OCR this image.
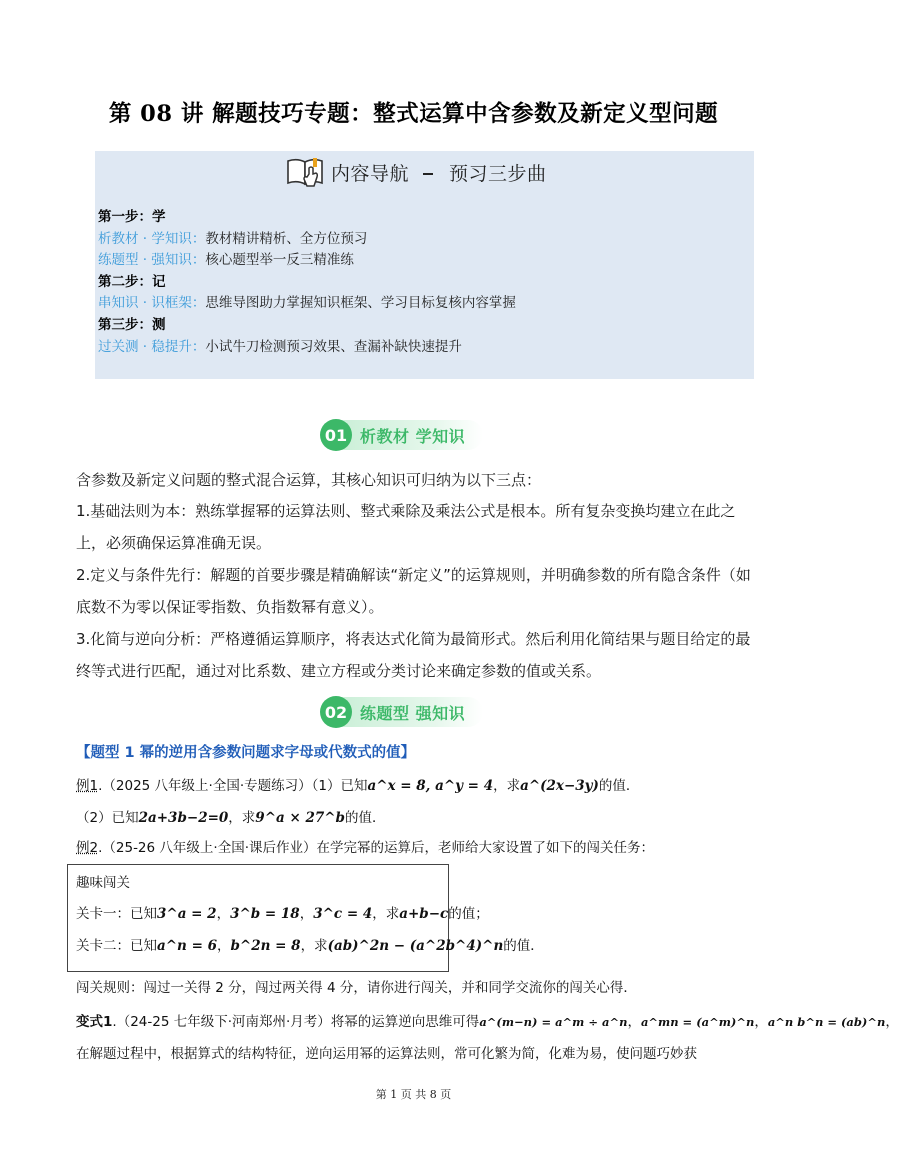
第 08 讲 解题技巧专题：整式运算中含参数及新定义型问题
内容导航 预习三步曲
第一步：学
析教材 · 学知识：教材精讲精析、全方位预习
练题型 · 强知识：核心题型举一反三精准练
第二步：记
串知识 · 识框架：思维导图助力掌握知识框架、学习目标复核内容掌握
第三步：测
过关测 · 稳提升：小试牛刀检测预习效果、查漏补缺快速提升
01 析教材 学知识
含参数及新定义问题的整式混合运算，其核心知识可归纳为以下三点：
1.基础法则为本：熟练掌握幂的运算法则、整式乘除及乘法公式是根本。所有复杂变换均建立在此之上，必须确保运算准确无误。
2.定义与条件先行：解题的首要步骤是精确解读“新定义”的运算规则，并明确参数的所有隐含条件（如底数不为零以保证零指数、负指数幂有意义）。
3.化简与逆向分析：严格遵循运算顺序，将表达式化简为最简形式。然后利用化简结果与题目给定的最终等式进行匹配，通过对比系数、建立方程或分类讨论来确定参数的值或关系。
02 练题型 强知识
【题型 1 幂的逆用含参数问题求字母或代数式的值】
例1.（2025 八年级上·全国·专题练习）（1）已知a^x = 8, a^y = 4，求a^(2x−3y)的值．
（2）已知2a+3b−2=0，求9^a × 27^b的值．
例2.（25-26 八年级上·全国·课后作业）在学完幂的运算后，老师给大家设置了如下的闯关任务：
趣味闯关
关卡一：已知3^a = 2，3^b = 18，3^c = 4，求a+b−c的值；
关卡二：已知a^n = 6，b^2n = 8，求(ab)^2n − (a^2b^4)^n的值．
闯关规则：闯过一关得 2 分，闯过两关得 4 分，请你进行闯关，并和同学交流你的闯关心得．
变式1.（24-25 七年级下·河南郑州·月考）将幂的运算逆向思维可得a^(m−n) = a^m ÷ a^n，a^mn = (a^m)^n，a^n b^n = (ab)^n，
在解题过程中，根据算式的结构特征，逆向运用幂的运算法则，常可化繁为简，化难为易，使问题巧妙获
第 1 页 共 8 页
